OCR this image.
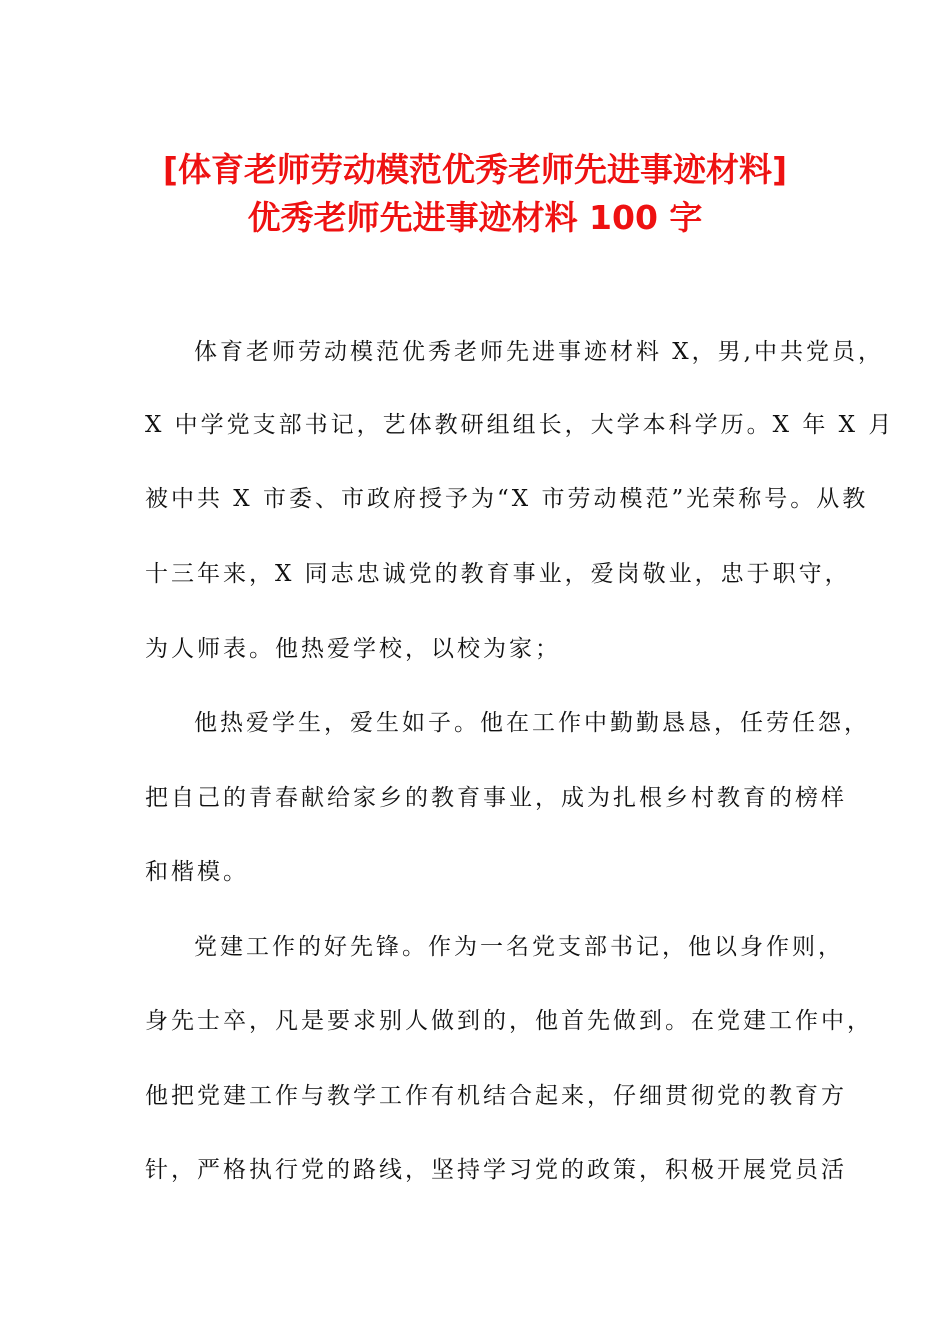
[体育老师劳动模范优秀老师先进事迹材料]
优秀老师先进事迹材料 100 字

体育老师劳动模范优秀老师先进事迹材料 X，男,中共党员，

X 中学党支部书记，艺体教研组组长，大学本科学历。X 年 X 月

被中共 X 市委、市政府授予为“X 市劳动模范”光荣称号。从教

十三年来，X 同志忠诚党的教育事业，爱岗敬业，忠于职守，

为人师表。他热爱学校，以校为家；

他热爱学生，爱生如子。他在工作中勤勤恳恳，任劳任怨，

把自己的青春献给家乡的教育事业，成为扎根乡村教育的榜样

和楷模。

党建工作的好先锋。作为一名党支部书记，他以身作则，

身先士卒，凡是要求别人做到的，他首先做到。在党建工作中，

他把党建工作与教学工作有机结合起来，仔细贯彻党的教育方

针，严格执行党的路线，坚持学习党的政策，积极开展党员活
